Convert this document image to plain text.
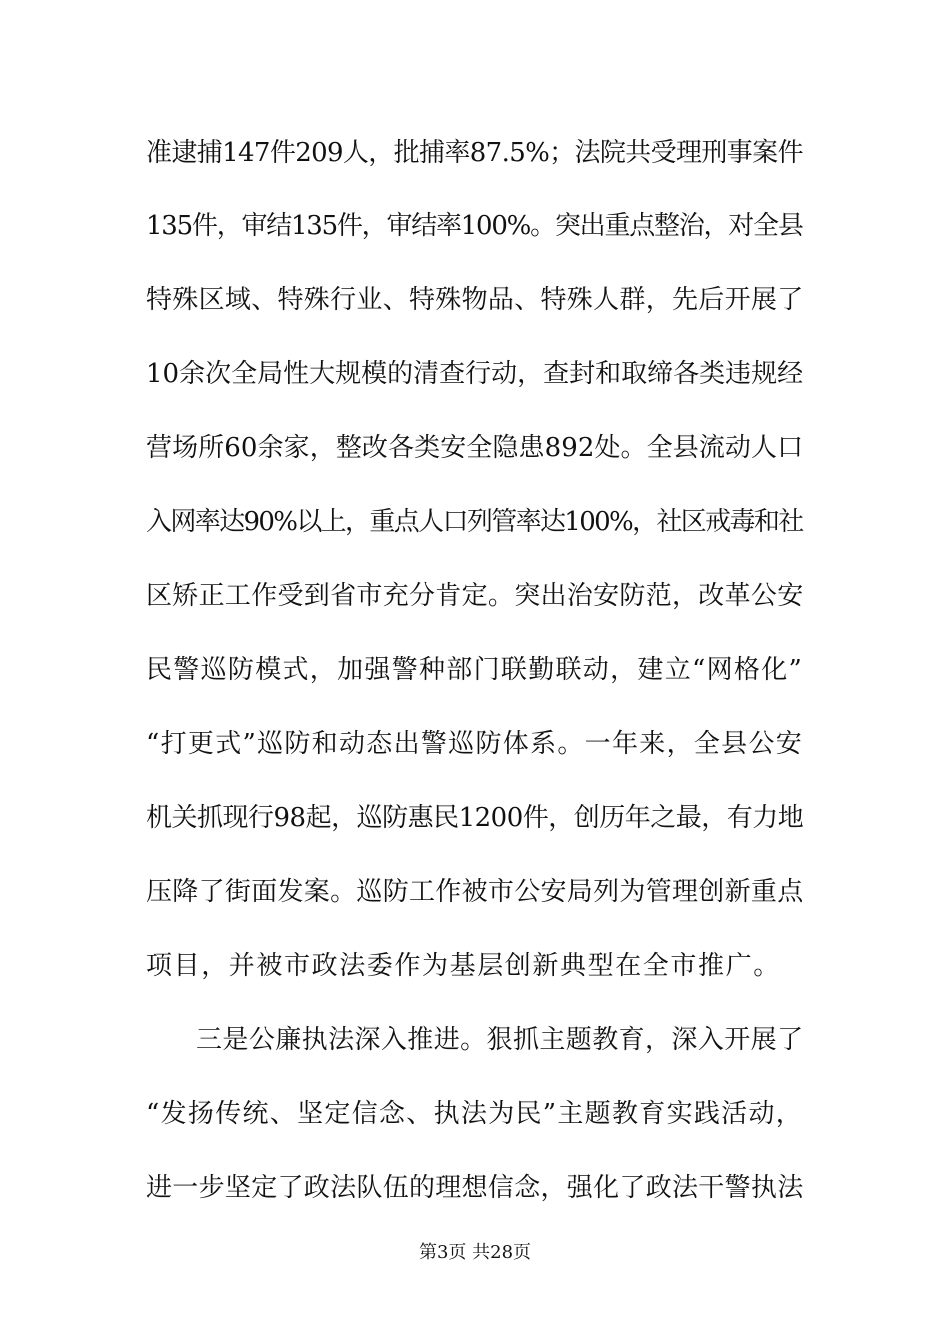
准逮捕147件209人，批捕率87.5%；法院共受理刑事案件
135件，审结135件，审结率100%。突出重点整治，对全县
特殊区域、特殊行业、特殊物品、特殊人群，先后开展了
10余次全局性大规模的清查行动，查封和取缔各类违规经
营场所60余家，整改各类安全隐患892处。全县流动人口
入网率达90%以上，重点人口列管率达100%，社区戒毒和社
区矫正工作受到省市充分肯定。突出治安防范，改革公安
民警巡防模式，加强警种部门联勤联动，建立“网格化”
“打更式”巡防和动态出警巡防体系。一年来，全县公安
机关抓现行98起，巡防惠民1200件，创历年之最，有力地
压降了街面发案。巡防工作被市公安局列为管理创新重点
项目，并被市政法委作为基层创新典型在全市推广。
三是公廉执法深入推进。狠抓主题教育，深入开展了
“发扬传统、坚定信念、执法为民”主题教育实践活动，
进一步坚定了政法队伍的理想信念，强化了政法干警执法
第3页 共28页
